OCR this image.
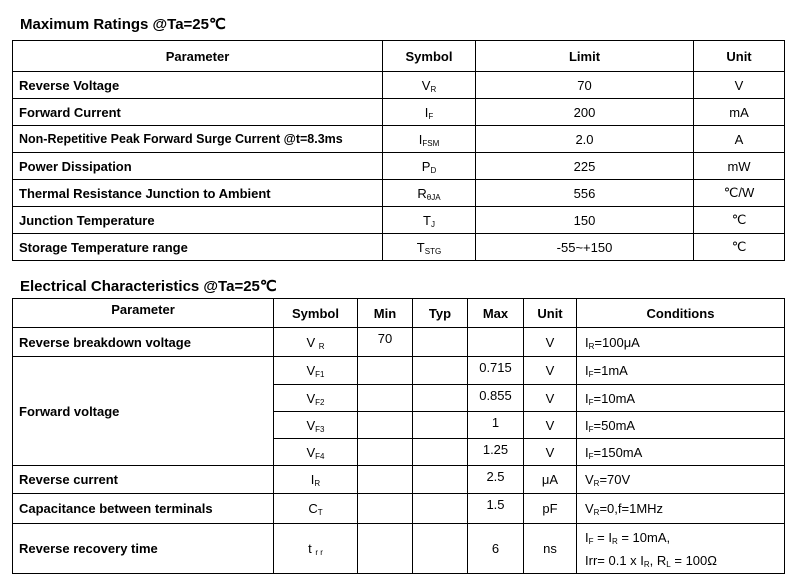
Maximum Ratings @Ta=25℃
Parameter	Symbol	Limit	Unit
Reverse Voltage	$V_R$	70	V
Forward Current	$I_F$	200	mA
Non-Repetitive Peak Forward Surge Current @t=8.3ms	$I_{FSM}$	2.0	A
Power Dissipation	$P_D$	225	mW
Thermal Resistance Junction to Ambient	$R_{\theta JA}$	556	℃/W
Junction Temperature	$T_J$	150	℃
Storage Temperature range	$T_{STG}$	-55~+150	℃
Electrical Characteristics @Ta=25℃
Parameter	Symbol	Min	Typ	Max	Unit	Conditions
Reverse breakdown voltage	V $_R$	70			V	$I_R=100\mu A$
Forward voltage	$V_{F1}$			0.715	V	$I_F=1mA$
	$V_{F2}$			0.855	V	$I_F=10mA$
	$V_{F3}$			1	V	$I_F=50mA$
	$V_{F4}$			1.25	V	$I_F=150mA$
Reverse current	$I_R$			2.5	μA	$V_R=70V$
Capacitance between terminals	$C_T$			1.5	pF	$V_R=0,f=1MHz$
Reverse recovery time	t $_{r r}$			6	ns	$I_F = I_R = 10mA$,
Irr= 0.1 x $I_R$, $R_L = 100\Omega$
